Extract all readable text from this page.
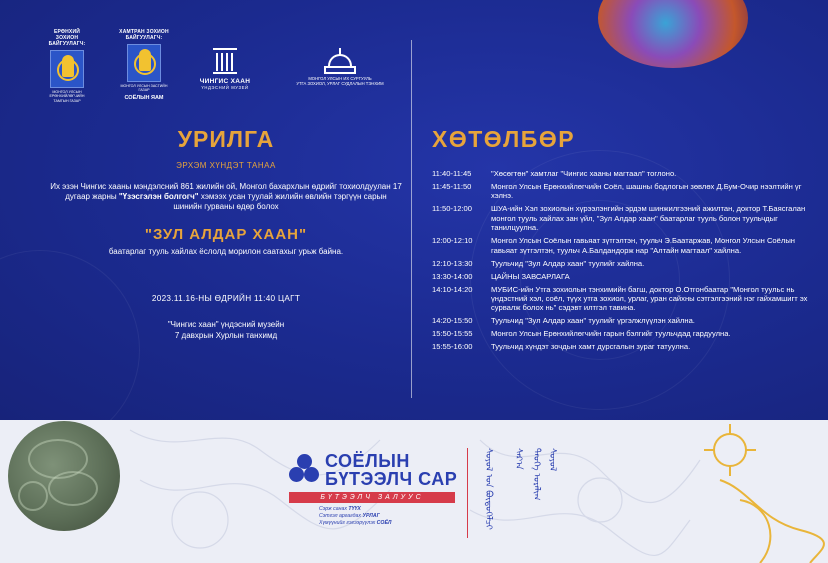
ЕРӨНХИЙ ЗОХИОН БАЙГУУЛАГЧ:
МОНГОЛ УЛСЫН ЕРӨНХИЙЛӨГЧИЙН ТАМГЫН ГАЗАР
ХАМТРАН ЗОХИОН БАЙГУУЛАГЧ:
МОНГОЛ УЛСЫН ЗАСГИЙН ГАЗАР
СОЁЛЫН ЯАМ
ЧИНГИС ХААН
ҮНДЭСНИЙ МУЗЕЙ
МОНГОЛ УЛСЫН ИХ СУРГУУЛЬ
УТГА ЗОХИОЛ, УРЛАГ СУДЛАЛЫН ТЭНХИМ
УРИЛГА
ЭРХЭМ ХҮНДЭТ ТАНАА
Их эзэн Чингис хааны мэндэлсний 861 жилийн ой, Монгол бахархлын өдрийг тохиолдуулан 17 дугаар жарны "Үзэсгэлэн болгогч" хэмээх усан туулай жилийн өвлийн тэргүүн сарын шинийн гурваны өдөр болох
"ЗУЛ АЛДАР ХААН"
баатарлаг тууль хайлах ёслолд морилон саатахыг урьж байна.
2023.11.16-НЫ ӨДРИЙН 11:40 ЦАГТ
"Чингис хаан" үндэсний музейн
7 давхрын Хурлын танхимд
ХӨТӨЛБӨР
11:40-11:45	"Хөсөгтөн" хамтлаг "Чингис хааны магтаал" тоглоно.
11:45-11:50	Монгол Улсын Ерөнхийлөгчийн Соёл, шашны бодлогын зөвлөх Д.Бум-Очир нээлтийн үг хэлнэ.
11:50-12:00	ШУА-ийн Хэл зохиолын хүрээлэнгийн эрдэм шинжилгээний ажилтан, доктор Т.Баясгалан монгол тууль хайлах зан үйл, "Зул Алдар хаан" баатарлаг тууль болон туульчдыг танилцуулна.
12:00-12:10	Монгол Улсын Соёлын гавьяат зүтгэлтэн, туульч Э.Баатаржав, Монгол Улсын Соёлын гавьяат зүтгэлтэн, туульч А.Балдандорж нар "Алтайн магтаал" хайлна.
12:10-13:30	Туульчид "Зул Алдар хаан" туулийг хайлна.
13:30-14:00	ЦАЙНЫ ЗАВСАРЛАГА
14:10-14:20	МУБИС-ийн Утга зохиолын тэнхимийн багш, доктор О.Отгонбаатар "Монгол туульс нь үндэстний хэл, соёл, түүх утга зохиол, урлаг, уран сайхны сэтгэлгээний нэг гайхамшигт эх сурвалж болох нь" сэдэвт илтгэл тавина.
14:20-15:50	Туульчид "Зул Алдар хаан" туулийг үргэлжлүүлэн хайлна.
15:50-15:55	Монгол Улсын Ерөнхийлөгчийн гарын бэлгийг туульчдад гардуулна.
15:55-16:00	Туульчид хүндэт зочдын хамт дурсгалын зураг татуулна.
СОЁЛЫН
БҮТЭЭЛЧ САР
БҮТЭЭЛЧ ЗАЛУУС
Сэрж санах ТҮҮХ
Сэтгэл аргагдах УРЛАГ
Хүмүүнийг гэгээрүүлэх СОЁЛ	ᠰᠣᠶᠣᠯ ᠤᠨ ᠪᠦᠲᠦᠭᠡᠯᠴᠢ	ᠰᠠᠷ᠎ᠠ ᠲᠡᠦᠬᠡ ᠤᠷᠠᠯᠢᠭ ᠰᠣᠶᠣᠯ
